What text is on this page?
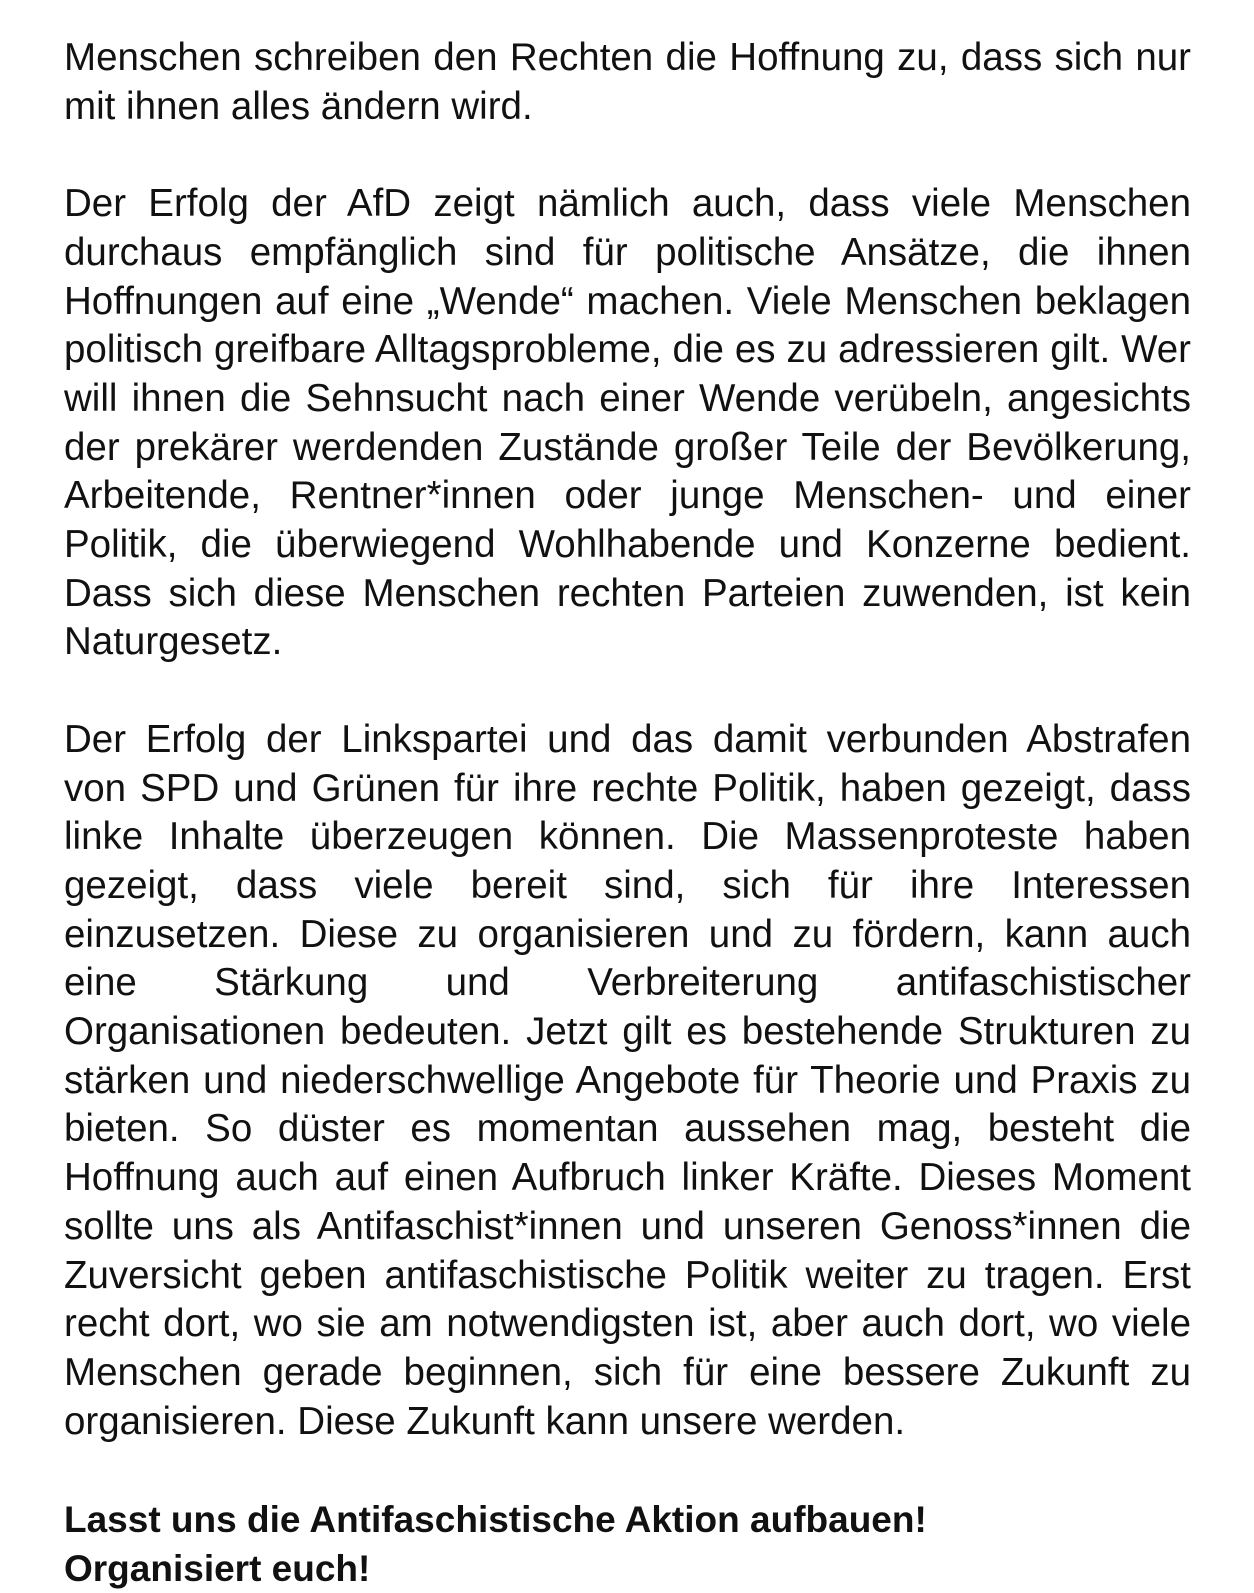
Menschen schreiben den Rechten die Hoffnung zu, dass sich nur mit ihnen alles ändern wird.

Der Erfolg der AfD zeigt nämlich auch, dass viele Menschen durchaus empfänglich sind für politische Ansätze, die ihnen Hoffnungen auf eine „Wende“ machen. Viele Menschen beklagen politisch greifbare Alltagsprobleme, die es zu adressieren gilt. Wer will ihnen die Sehnsucht nach einer Wende verübeln, angesichts der prekärer werdenden Zustände großer Teile der Bevölkerung, Arbeitende, Rentner*innen oder junge Menschen- und einer Politik, die überwiegend Wohlhabende und Konzerne bedient. Dass sich diese Menschen rechten Parteien zuwenden, ist kein Naturgesetz.

Der Erfolg der Linkspartei und das damit verbunden Abstrafen von SPD und Grünen für ihre rechte Politik, haben gezeigt, dass linke Inhalte überzeugen können. Die Massenproteste haben gezeigt, dass viele bereit sind, sich für ihre Interessen einzusetzen. Diese zu organisieren und zu fördern, kann auch eine Stärkung und Verbreiterung antifaschistischer Organisationen bedeuten. Jetzt gilt es bestehende Strukturen zu stärken und niederschwellige Angebote für Theorie und Praxis zu bieten. So düster es momentan aussehen mag, besteht die Hoffnung auch auf einen Aufbruch linker Kräfte. Dieses Moment sollte uns als Antifaschist*innen und unseren Genoss*innen die Zuversicht geben antifaschistische Politik weiter zu tragen. Erst recht dort, wo sie am notwendigsten ist, aber auch dort, wo viele Menschen gerade beginnen, sich für eine bessere Zukunft zu organisieren. Diese Zukunft kann unsere werden.

Lasst uns die Antifaschistische Aktion aufbauen!

Organisiert euch!
